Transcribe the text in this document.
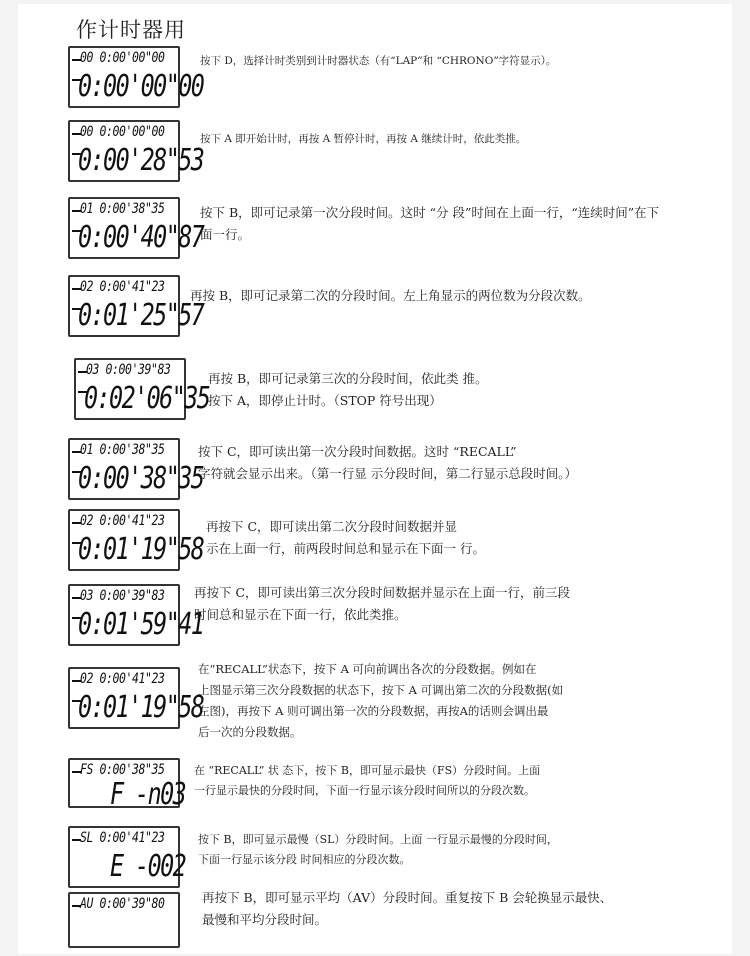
作计时器用
00 0:00'00"00
0:00'00"00
按下 D，选择计时类别到计时器状态（有“LAP”和 “CHRONO”字符显示）。
00 0:00'00"00
0:00'28"53
按下 A 即开始计时，再按 A 暂停计时，再按 A 继续计时，依此类推。
01 0:00'38"35
0:00'40"87
按下 B，即可记录第一次分段时间。这时 “分 段”时间在上面一行，“连续时间”在下面一行。
02 0:00'41"23
0:01'25"57
再按 B，即可记录第二次的分段时间。左上角显示的两位数为分段次数。
03 0:00'39"83
0:02'06"35
再按 B，即可记录第三次的分段时间，依此类 推。
按下 A，即停止计时。（STOP 符号出现）
01 0:00'38"35
0:00'38"35
按下 C，即可读出第一次分段时间数据。这时 “RECALL”
字符就会显示出来。（第一行显 示分段时间，第二行显示总段时间。）
02 0:00'41"23
0:01'19"58
再按下 C，即可读出第二次分段时间数据并显
示在上面一行，前两段时间总和显示在下面一 行。
03 0:00'39"83
0:01'59"41
再按下 C，即可读出第三次分段时间数据并显示在上面一行，前三段
时间总和显示在下面一行，依此类推。
02 0:00'41"23
0:01'19"58
在“RECALL”状态下，按下 A 可向前调出各次的分段数据。例如在
上图显示第三次分段数据的状态下，按下 A 可调出第二次的分段数据(如
左图)，再按下 A 则可调出第一次的分段数据，再按A的话则会调出最
后一次的分段数据。
FS 0:00'38"35
F -n03
在 “RECALL” 状 态下，按下 B，即可显示最快（FS）分段时间。上面
一行显示最快的分段时间，下面一行显示该分段时间所以的分段次数。
SL 0:00'41"23
E -002
按下 B，即可显示最慢（SL）分段时间。上面 一行显示最慢的分段时间，
下面一行显示该分段 时间相应的分段次数。
AU 0:00'39"80	再按下 B，即可显示平均（AV）分段时间。重复按下 B 会轮换显示最快、
最慢和平均分段时间。
